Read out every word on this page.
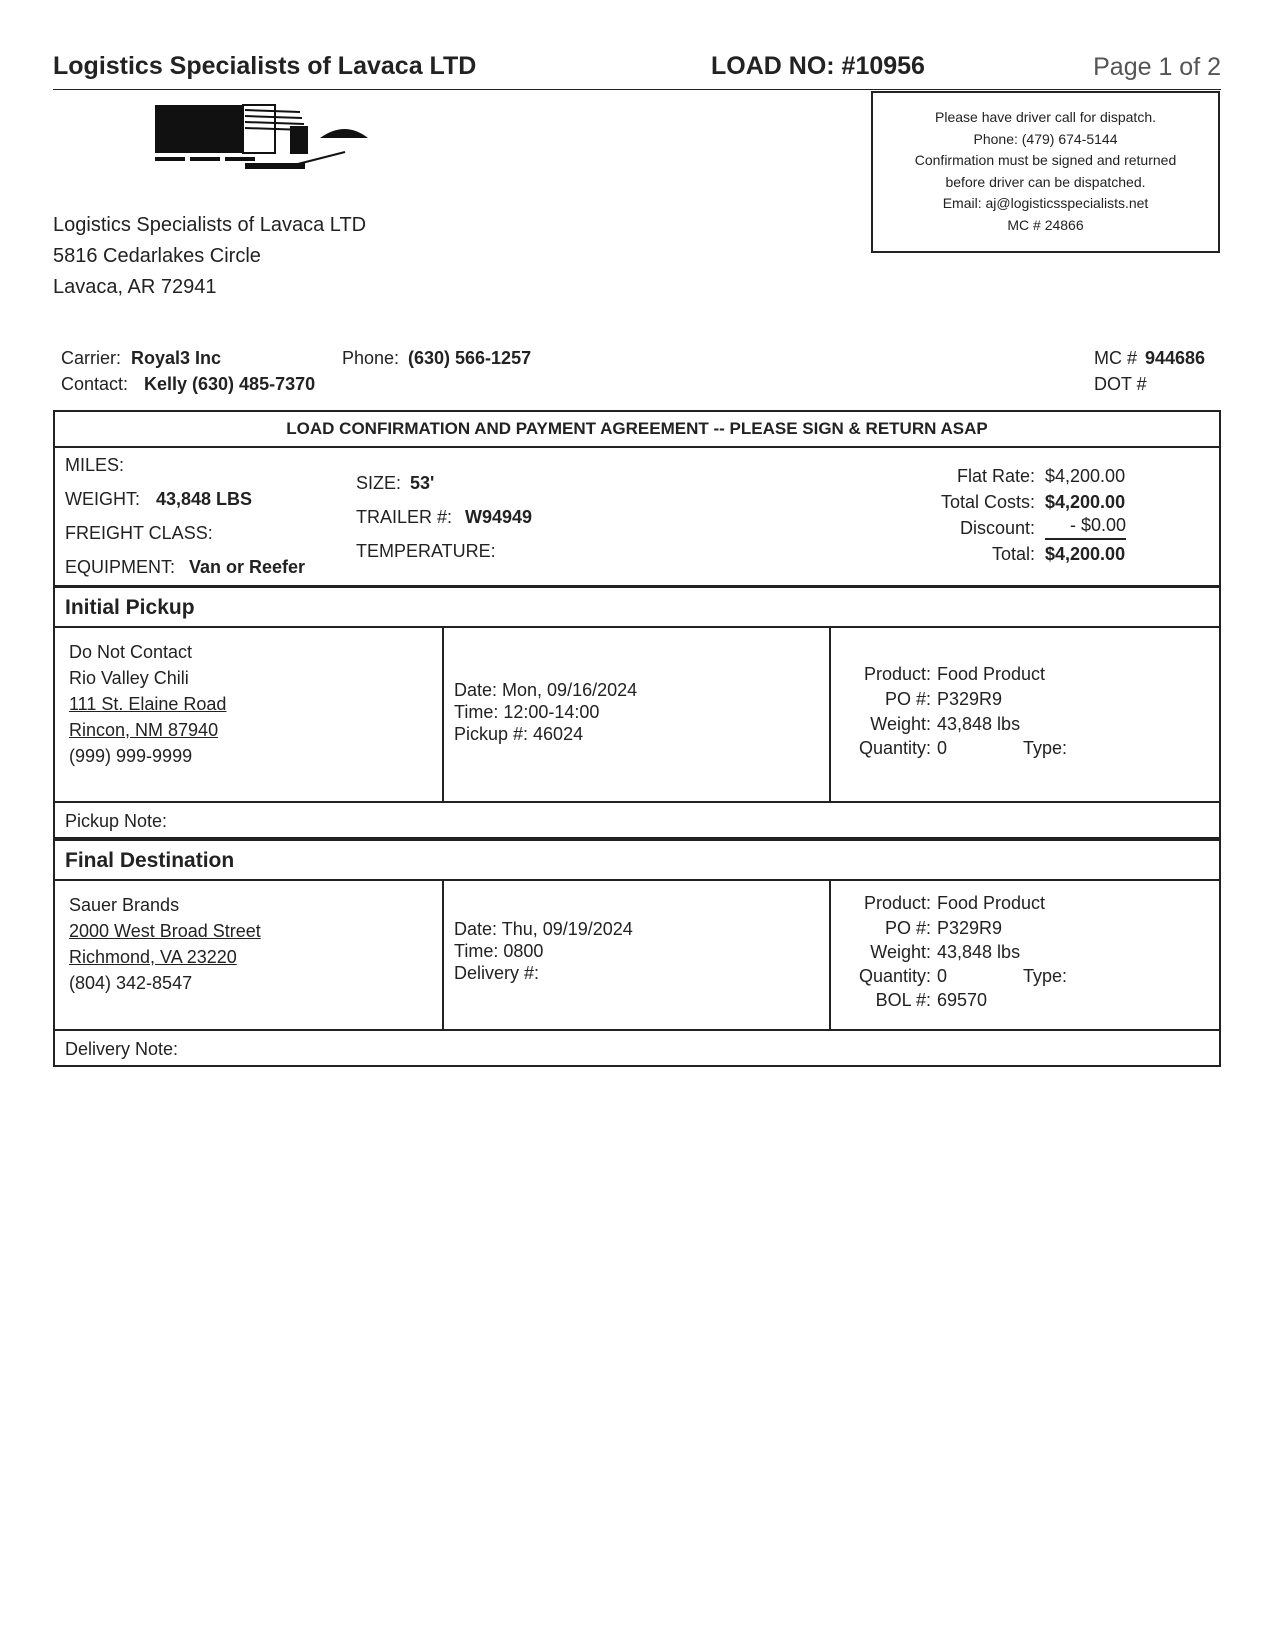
Logistics Specialists of Lavaca LTD	LOAD NO: #10956	Page 1 of 2
Please have driver call for dispatch.
Phone: (479) 674-5144
Confirmation must be signed and returned
before driver can be dispatched.
Email: aj@logisticsspecialists.net
MC # 24866
Logistics Specialists of Lavaca LTD
5816 Cedarlakes Circle
Lavaca, AR 72941
Carrier: Royal3 Inc	Phone: (630) 566-1257
Contact: Kelly (630) 485-7370
MC # 944686
DOT #
LOAD CONFIRMATION AND PAYMENT AGREEMENT -- PLEASE SIGN & RETURN ASAP
MILES:
WEIGHT: 43,848 LBS
FREIGHT CLASS:
EQUIPMENT: Van or Reefer
SIZE: 53'
TRAILER #: W94949
TEMPERATURE:
Flat Rate: $4,200.00
Total Costs: $4,200.00
Discount:	- $0.00
Total: $4,200.00
Initial Pickup
Do Not Contact
Rio Valley Chili
111 St. Elaine Road
Rincon, NM 87940
(999) 999-9999
Date: Mon, 09/16/2024
Time: 12:00-14:00
Pickup #: 46024
Product: Food Product
PO #: P329R9
Weight: 43,848 lbs
Quantity: 0	Type:
Pickup Note:
Final Destination
Sauer Brands
2000 West Broad Street
Richmond, VA 23220
(804) 342-8547
Date: Thu, 09/19/2024
Time: 0800
Delivery #:
Product: Food Product
PO #: P329R9
Weight: 43,848 lbs
Quantity: 0	Type:
BOL #: 69570
Delivery Note:
